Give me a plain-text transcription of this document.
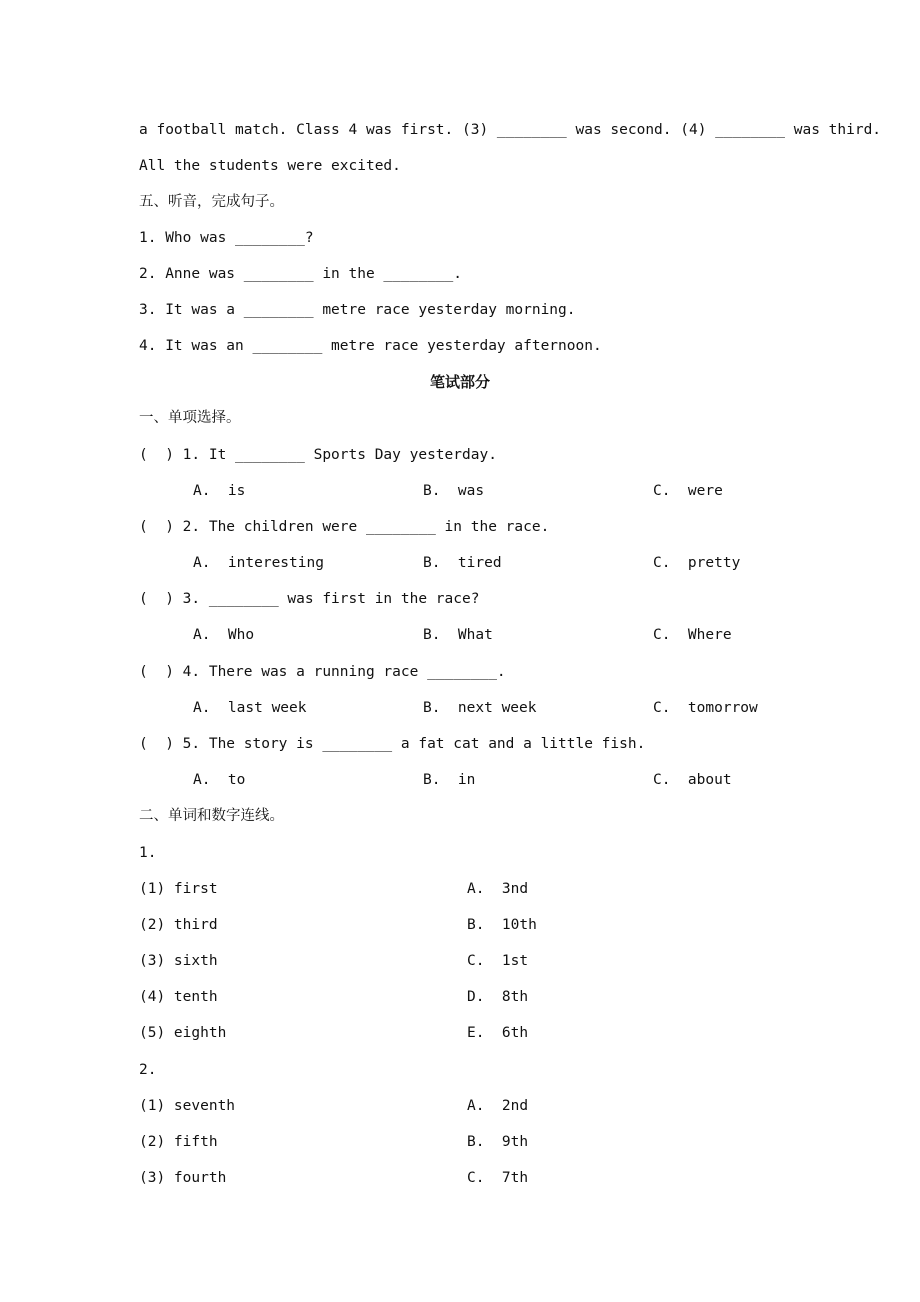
a football match. Class 4 was first. (3) ________ was second. (4) ________ was third.
All the students were excited.
五、听音，完成句子。
1. Who was ________?
2. Anne was ________ in the ________.
3. It was a ________ metre race yesterday morning.
4. It was an ________ metre race yesterday afternoon.
笔试部分
一、单项选择。
(  ) 1. It ________ Sports Day yesterday.
A.  is	B.  was	C.  were
(  ) 2. The children were ________ in the race.
A.  interesting	B.  tired	C.  pretty
(  ) 3. ________ was first in the race?
A.  Who	B.  What	C.  Where
(  ) 4. There was a running race ________.
A.  last week	B.  next week	C.  tomorrow
(  ) 5. The story is ________ a fat cat and a little fish.
A.  to	B.  in	C.  about
二、单词和数字连线。
1.
(1) first	A.  3nd
(2) third	B.  10th
(3) sixth	C.  1st
(4) tenth	D.  8th
(5) eighth	E.  6th
2.
(1) seventh	A.  2nd
(2) fifth	B.  9th
(3) fourth	C.  7th
